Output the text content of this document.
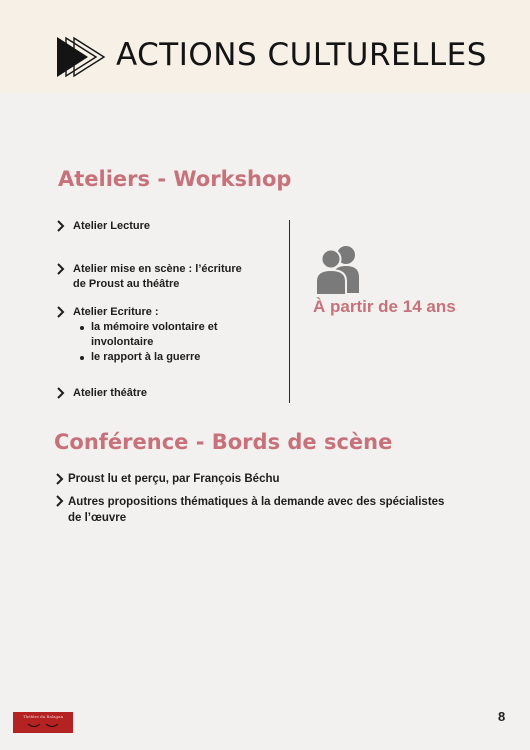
ACTIONS CULTURELLES
Ateliers - Workshop
Atelier Lecture
Atelier mise en scène : l’écriture
de Proust au théâtre
Atelier Ecriture :
la mémoire volontaire et
involontaire
le rapport à la guerre
Atelier théâtre
À partir de 14 ans
Conférence - Bords de scène
Proust lu et perçu, par François Béchu
Autres propositions thématiques à la demande avec des spécialistes
de l’œuvre
Théâtre du Balagan	8
